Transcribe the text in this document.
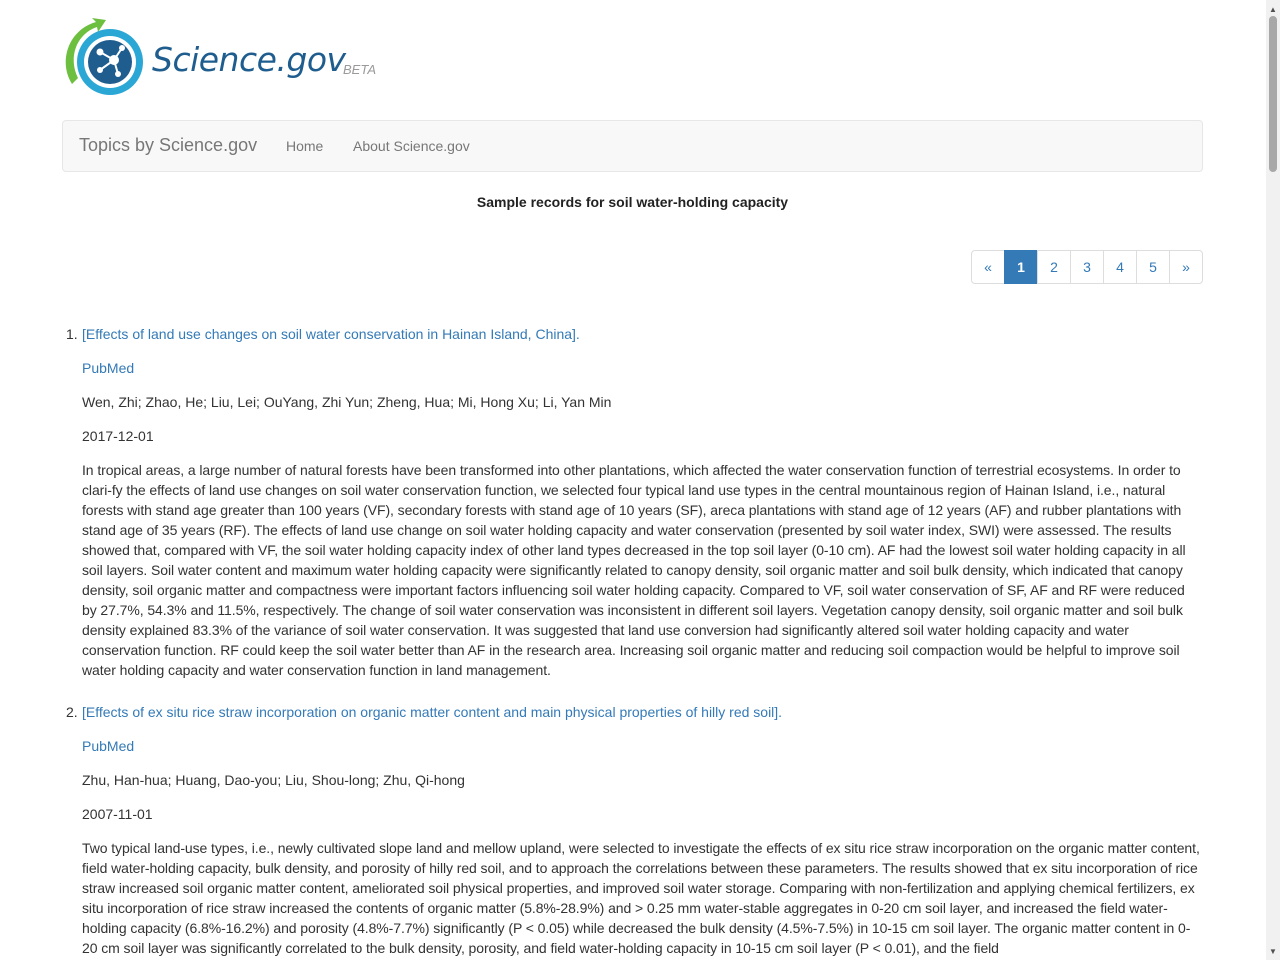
Science.gov
BETA
Topics by Science.gov Home About Science.gov
Sample records for soil water-holding capacity
«	1	2	3	4	5	»
1. [Effects of land use changes on soil water conservation in Hainan Island, China].
PubMed
Wen, Zhi; Zhao, He; Liu, Lei; OuYang, Zhi Yun; Zheng, Hua; Mi, Hong Xu; Li, Yan Min
2017-12-01
In tropical areas, a large number of natural forests have been transformed into other plantations, which affected the water conservation function of terrestrial ecosystems. In order to clari-fy the effects of land use changes on soil water conservation function, we selected four typical land use types in the central mountainous region of Hainan Island, i.e., natural forests with stand age greater than 100 years (VF), secondary forests with stand age of 10 years (SF), areca plantations with stand age of 12 years (AF) and rubber plantations with stand age of 35 years (RF). The effects of land use change on soil water holding capacity and water conservation (presented by soil water index, SWI) were assessed. The results showed that, compared with VF, the soil water holding capacity index of other land types decreased in the top soil layer (0-10 cm). AF had the lowest soil water holding capacity in all soil layers. Soil water content and maximum water holding capacity were significantly related to canopy density, soil organic matter and soil bulk density, which indicated that canopy density, soil organic matter and compactness were important factors influencing soil water holding capacity. Compared to VF, soil water conservation of SF, AF and RF were reduced by 27.7%, 54.3% and 11.5%, respectively. The change of soil water conservation was inconsistent in different soil layers. Vegetation canopy density, soil organic matter and soil bulk density explained 83.3% of the variance of soil water conservation. It was suggested that land use conversion had significantly altered soil water holding capacity and water conservation function. RF could keep the soil water better than AF in the research area. Increasing soil organic matter and reducing soil compaction would be helpful to improve soil water holding capacity and water conservation function in land management.
2. [Effects of ex situ rice straw incorporation on organic matter content and main physical properties of hilly red soil].
PubMed
Zhu, Han-hua; Huang, Dao-you; Liu, Shou-long; Zhu, Qi-hong
2007-11-01
Two typical land-use types, i.e., newly cultivated slope land and mellow upland, were selected to investigate the effects of ex situ rice straw incorporation on the organic matter content, field water-holding capacity, bulk density, and porosity of hilly red soil, and to approach the correlations between these parameters. The results showed that ex situ incorporation of rice straw increased soil organic matter content, ameliorated soil physical properties, and improved soil water storage. Comparing with non-fertilization and applying chemical fertilizers, ex situ incorporation of rice straw increased the contents of organic matter (5.8%-28.9%) and > 0.25 mm water-stable aggregates in 0-20 cm soil layer, and increased the field water-holding capacity (6.8%-16.2%) and porosity (4.8%-7.7%) significantly (P < 0.05) while decreased the bulk density (4.5%-7.5%) in 10-15 cm soil layer. The organic matter content in 0-20 cm soil layer was significantly correlated to the bulk density, porosity, and field water-holding capacity in 10-15 cm soil layer (P < 0.01), and the field
▲
▼
